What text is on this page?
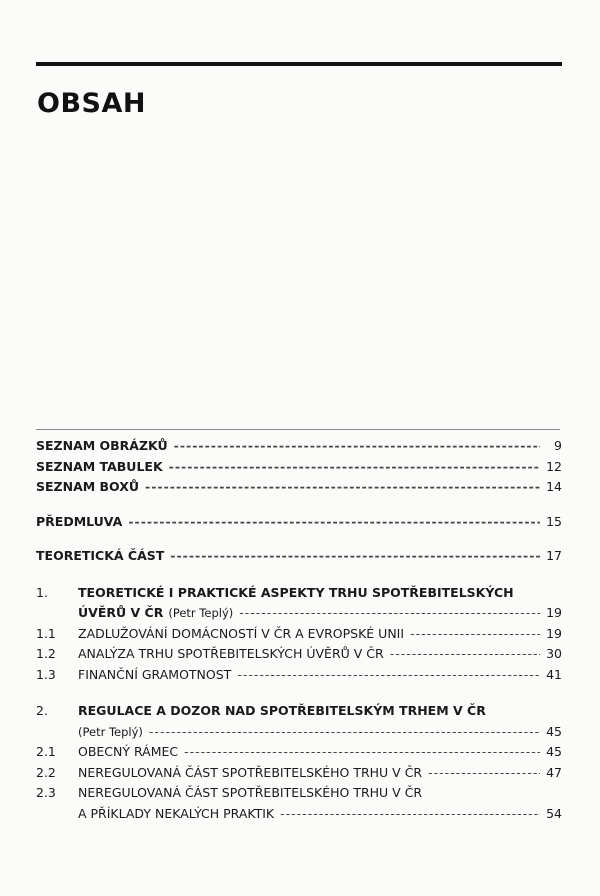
OBSAH
SEZNAM OBRÁZKŮ -----	9
SEZNAM TABULEK -----	12
SEZNAM BOXŮ -----	14
PŘEDMLUVA -----	15
TEORETICKÁ ČÁST -----	17
1.	TEORETICKÉ I PRAKTICKÉ ASPEKTY TRHU SPOTŘEBITELSKÝCH
ÚVĚRŮ V ČR (Petr Teplý) -----	19
1.1	ZADLUŽOVÁNÍ DOMÁCNOSTÍ V ČR A EVROPSKÉ UNII -----	19
1.2	ANALÝZA TRHU SPOTŘEBITELSKÝCH ÚVĚRŮ V ČR -----	30
1.3	FINANČNÍ GRAMOTNOST -----	41
2.	REGULACE A DOZOR NAD SPOTŘEBITELSKÝM TRHEM V ČR
(Petr Teplý) -----	45
2.1	OBECNÝ RÁMEC -----	45
2.2	NEREGULOVANÁ ČÁST SPOTŘEBITELSKÉHO TRHU V ČR -----	47
2.3	NEREGULOVANÁ ČÁST SPOTŘEBITELSKÉHO TRHU V ČR
A PŘÍKLADY NEKALÝCH PRAKTIK -----	54
